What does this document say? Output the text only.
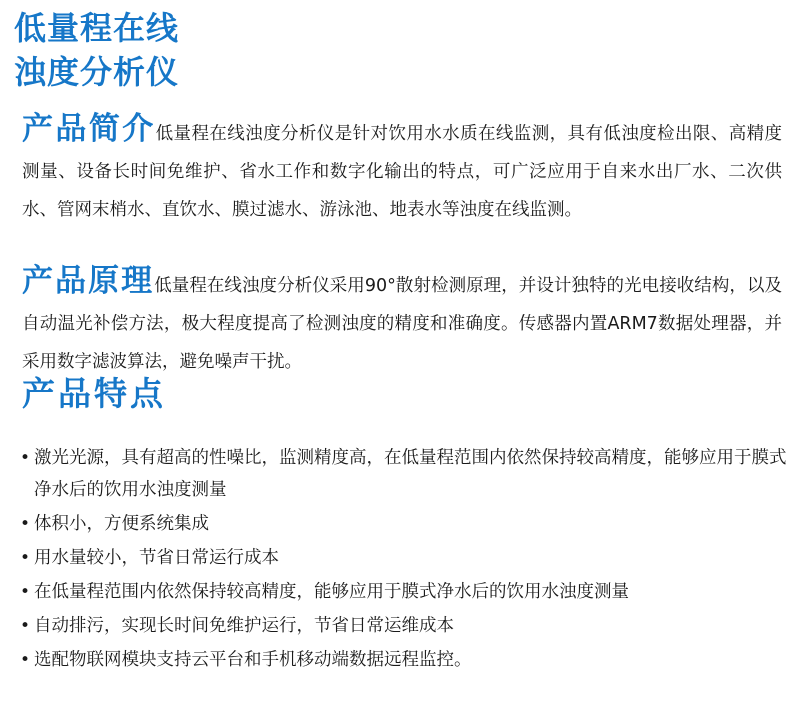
低量程在线
浊度分析仪

产品简介低量程在线浊度分析仪是针对饮用水水质在线监测，具有低浊度检出限、高精度测量、设备长时间免维护、省水工作和数字化输出的特点，可广泛应用于自来水出厂水、二次供水、管网末梢水、直饮水、膜过滤水、游泳池、地表水等浊度在线监测。

产品原理低量程在线浊度分析仪采用90°散射检测原理，并设计独特的光电接收结构，以及自动温光补偿方法，极大程度提高了检测浊度的精度和准确度。传感器内置ARM7数据处理器，并采用数字滤波算法，避免噪声干扰。

产品特点
• 激光光源，具有超高的性噪比，监测精度高，在低量程范围内依然保持较高精度，能够应用于膜式净水后的饮用水浊度测量
• 体积小，方便系统集成
• 用水量较小，节省日常运行成本
• 在低量程范围内依然保持较高精度，能够应用于膜式净水后的饮用水浊度测量
• 自动排污，实现长时间免维护运行，节省日常运维成本
• 选配物联网模块支持云平台和手机移动端数据远程监控。
